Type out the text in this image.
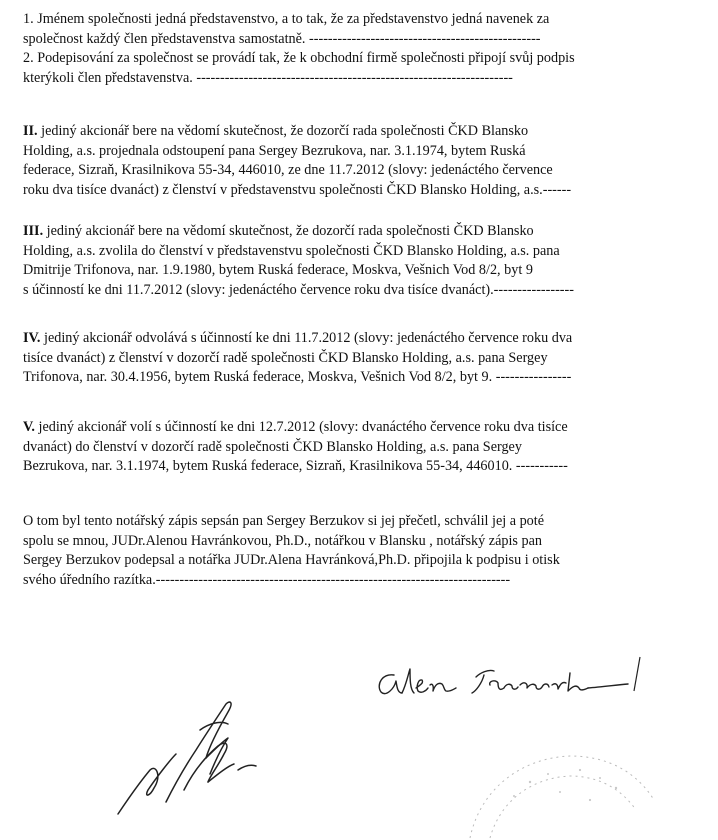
1. Jménem společnosti jedná představenstvo, a to tak, že za představenstvo jedná navenek za
společnost každý člen představenstva samostatně. -------------------------------------------------
2. Podepisování za společnost se provádí tak, že k obchodní firmě společnosti připojí svůj podpis
kterýkoli člen představenstva. -------------------------------------------------------------------
II. jediný akcionář bere na vědomí skutečnost, že dozorčí rada společnosti ČKD Blansko
Holding, a.s. projednala odstoupení pana Sergey Bezrukova, nar. 3.1.1974, bytem Ruská
federace, Sizraň, Krasilnikova 55-34, 446010, ze dne 11.7.2012 (slovy: jedenáctého července
roku dva tisíce dvanáct) z členství v představenstvu společnosti ČKD Blansko Holding, a.s.------
III. jediný akcionář bere na vědomí skutečnost, že dozorčí rada společnosti ČKD Blansko
Holding, a.s. zvolila do členství v představenstvu společnosti ČKD Blansko Holding, a.s. pana
Dmitrije Trifonova, nar. 1.9.1980, bytem Ruská federace, Moskva, Vešnich Vod 8/2, byt 9
s účinností ke dni 11.7.2012 (slovy: jedenáctého července roku dva tisíce dvanáct).-----------------
IV. jediný akcionář odvolává s účinností ke dni 11.7.2012 (slovy: jedenáctého července roku dva
tisíce dvanáct) z členství v dozorčí radě společnosti ČKD Blansko Holding, a.s. pana Sergey
Trifonova, nar. 30.4.1956, bytem Ruská federace, Moskva, Vešnich Vod 8/2, byt 9. ----------------
V. jediný akcionář volí s účinností ke dni 12.7.2012 (slovy: dvanáctého července roku dva tisíce
dvanáct) do členství v dozorčí radě společnosti ČKD Blansko Holding, a.s. pana Sergey
Bezrukova, nar. 3.1.1974, bytem Ruská federace, Sizraň, Krasilnikova 55-34, 446010. -----------
O tom byl tento notářský zápis sepsán pan Sergey Berzukov si jej přečetl, schválil jej a poté
spolu se mnou, JUDr.Alenou Havránkovou, Ph.D., notářkou v Blansku , notářský zápis pan
Sergey Berzukov podepsal a notářka JUDr.Alena Havránková,Ph.D. připojila k podpisu i otisk
svého úředního razítka.---------------------------------------------------------------------------
